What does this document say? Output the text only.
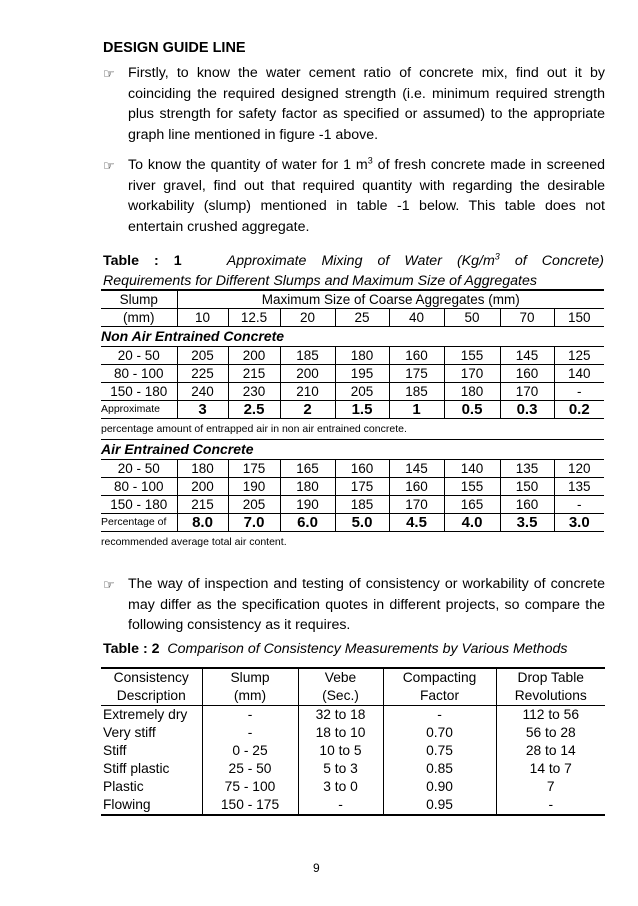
DESIGN GUIDE LINE
☞ Firstly, to know the water cement ratio of concrete mix, find out it by coinciding the required designed strength (i.e. minimum required strength plus strength for safety factor as specified or assumed) to the appropriate graph line mentioned in figure -1 above.
☞ To know the quantity of water for 1 $m^3$ of fresh concrete made in screened river gravel, find out that required quantity with regarding the desirable workability (slump) mentioned in table -1 below. This table does not entertain crushed aggregate.
Table : 1	Approximate Mixing of Water ($Kg/m^3$ of Concrete)
Requirements for Different Slumps and Maximum Size of Aggregates
Slump	Maximum Size of Coarse Aggregates (mm)							
(mm)	10	12.5	20	25	40	50	70	150
Non Air Entrained Concrete								
20 - 50	205	200	185	180	160	155	145	125
80 - 100	225	215	200	195	175	170	160	140
150 - 180	240	230	210	205	185	180	170	-
Approximate	3	2.5	2	1.5	1	0.5	0.3	0.2
percentage amount of entrapped air in non air entrained concrete.								
Air Entrained Concrete								
20 - 50	180	175	165	160	145	140	135	120
80 - 100	200	190	180	175	160	155	150	135
150 - 180	215	205	190	185	170	165	160	-
Percentage of	8.0	7.0	6.0	5.0	4.5	4.0	3.5	3.0
recommended average total air content.								
☞ The way of inspection and testing of consistency or workability of concrete may differ as the specification quotes in different projects, so compare the following consistency as it requires.
Table : 2 Comparison of Consistency Measurements by Various Methods
Consistency	Slump	Vebe	Compacting	Drop Table
Description	(mm)	(Sec.)	Factor	Revolutions
Extremely dry	-	32 to 18	-	112 to 56
Very stiff	-	18 to 10	0.70	56 to 28
Stiff	0 - 25	10 to 5	0.75	28 to 14
Stiff plastic	25 - 50	5 to 3	0.85	14 to 7
Plastic	75 - 100	3 to 0	0.90	7
Flowing	150 - 175	-	0.95	-
9
